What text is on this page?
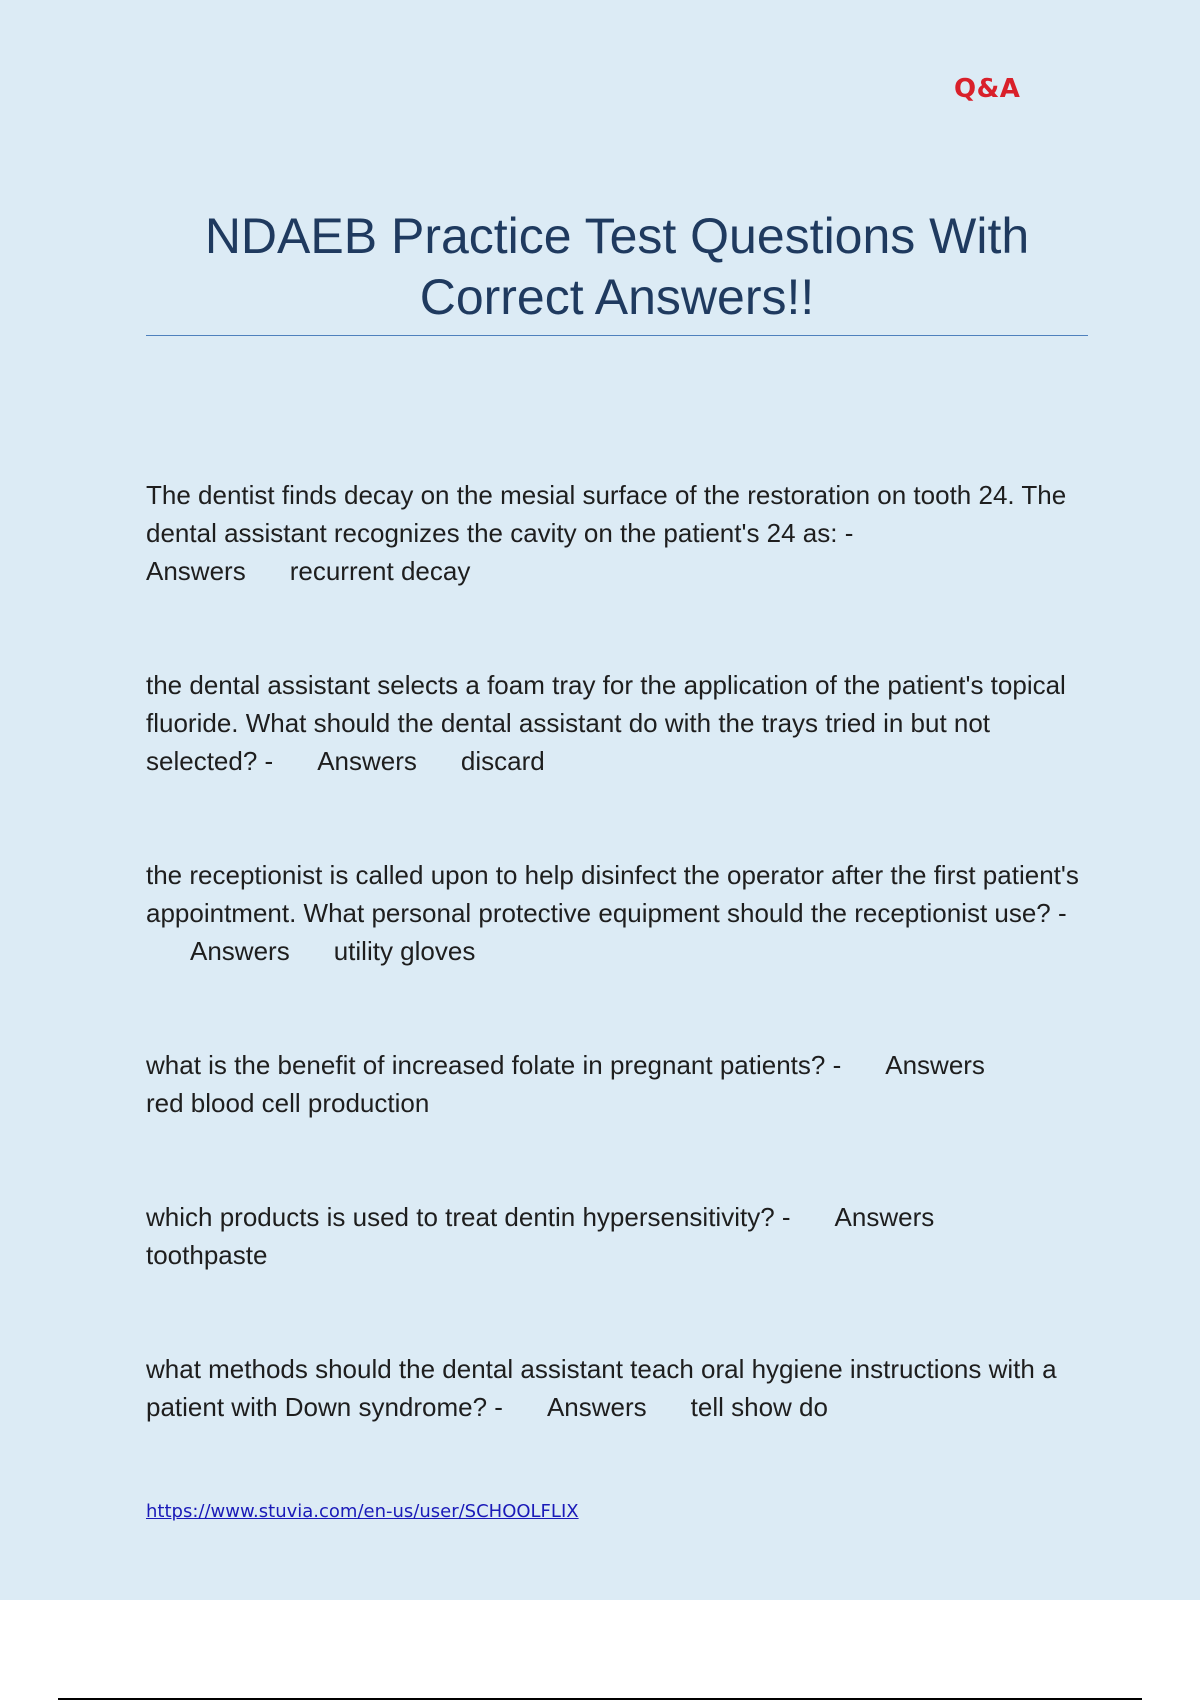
Q&A
NDAEB Practice Test Questions With
Correct Answers!!

The dentist finds decay on the mesial surface of the restoration on tooth 24. The dental assistant recognizes the cavity on the patient's 24 as: -
Answers recurrent decay

the dental assistant selects a foam tray for the application of the patient's topical fluoride. What should the dental assistant do with the trays tried in but not selected? - Answers discard

the receptionist is called upon to help disinfect the operator after the first patient's appointment. What personal protective equipment should the receptionist use? -Answers utility gloves

what is the benefit of increased folate in pregnant patients? - Answers
red blood cell production

which products is used to treat dentin hypersensitivity? - Answers
toothpaste

what methods should the dental assistant teach oral hygiene instructions with a patient with Down syndrome? - Answers tell show do

https://www.stuvia.com/en-us/user/SCHOOLFLIX
